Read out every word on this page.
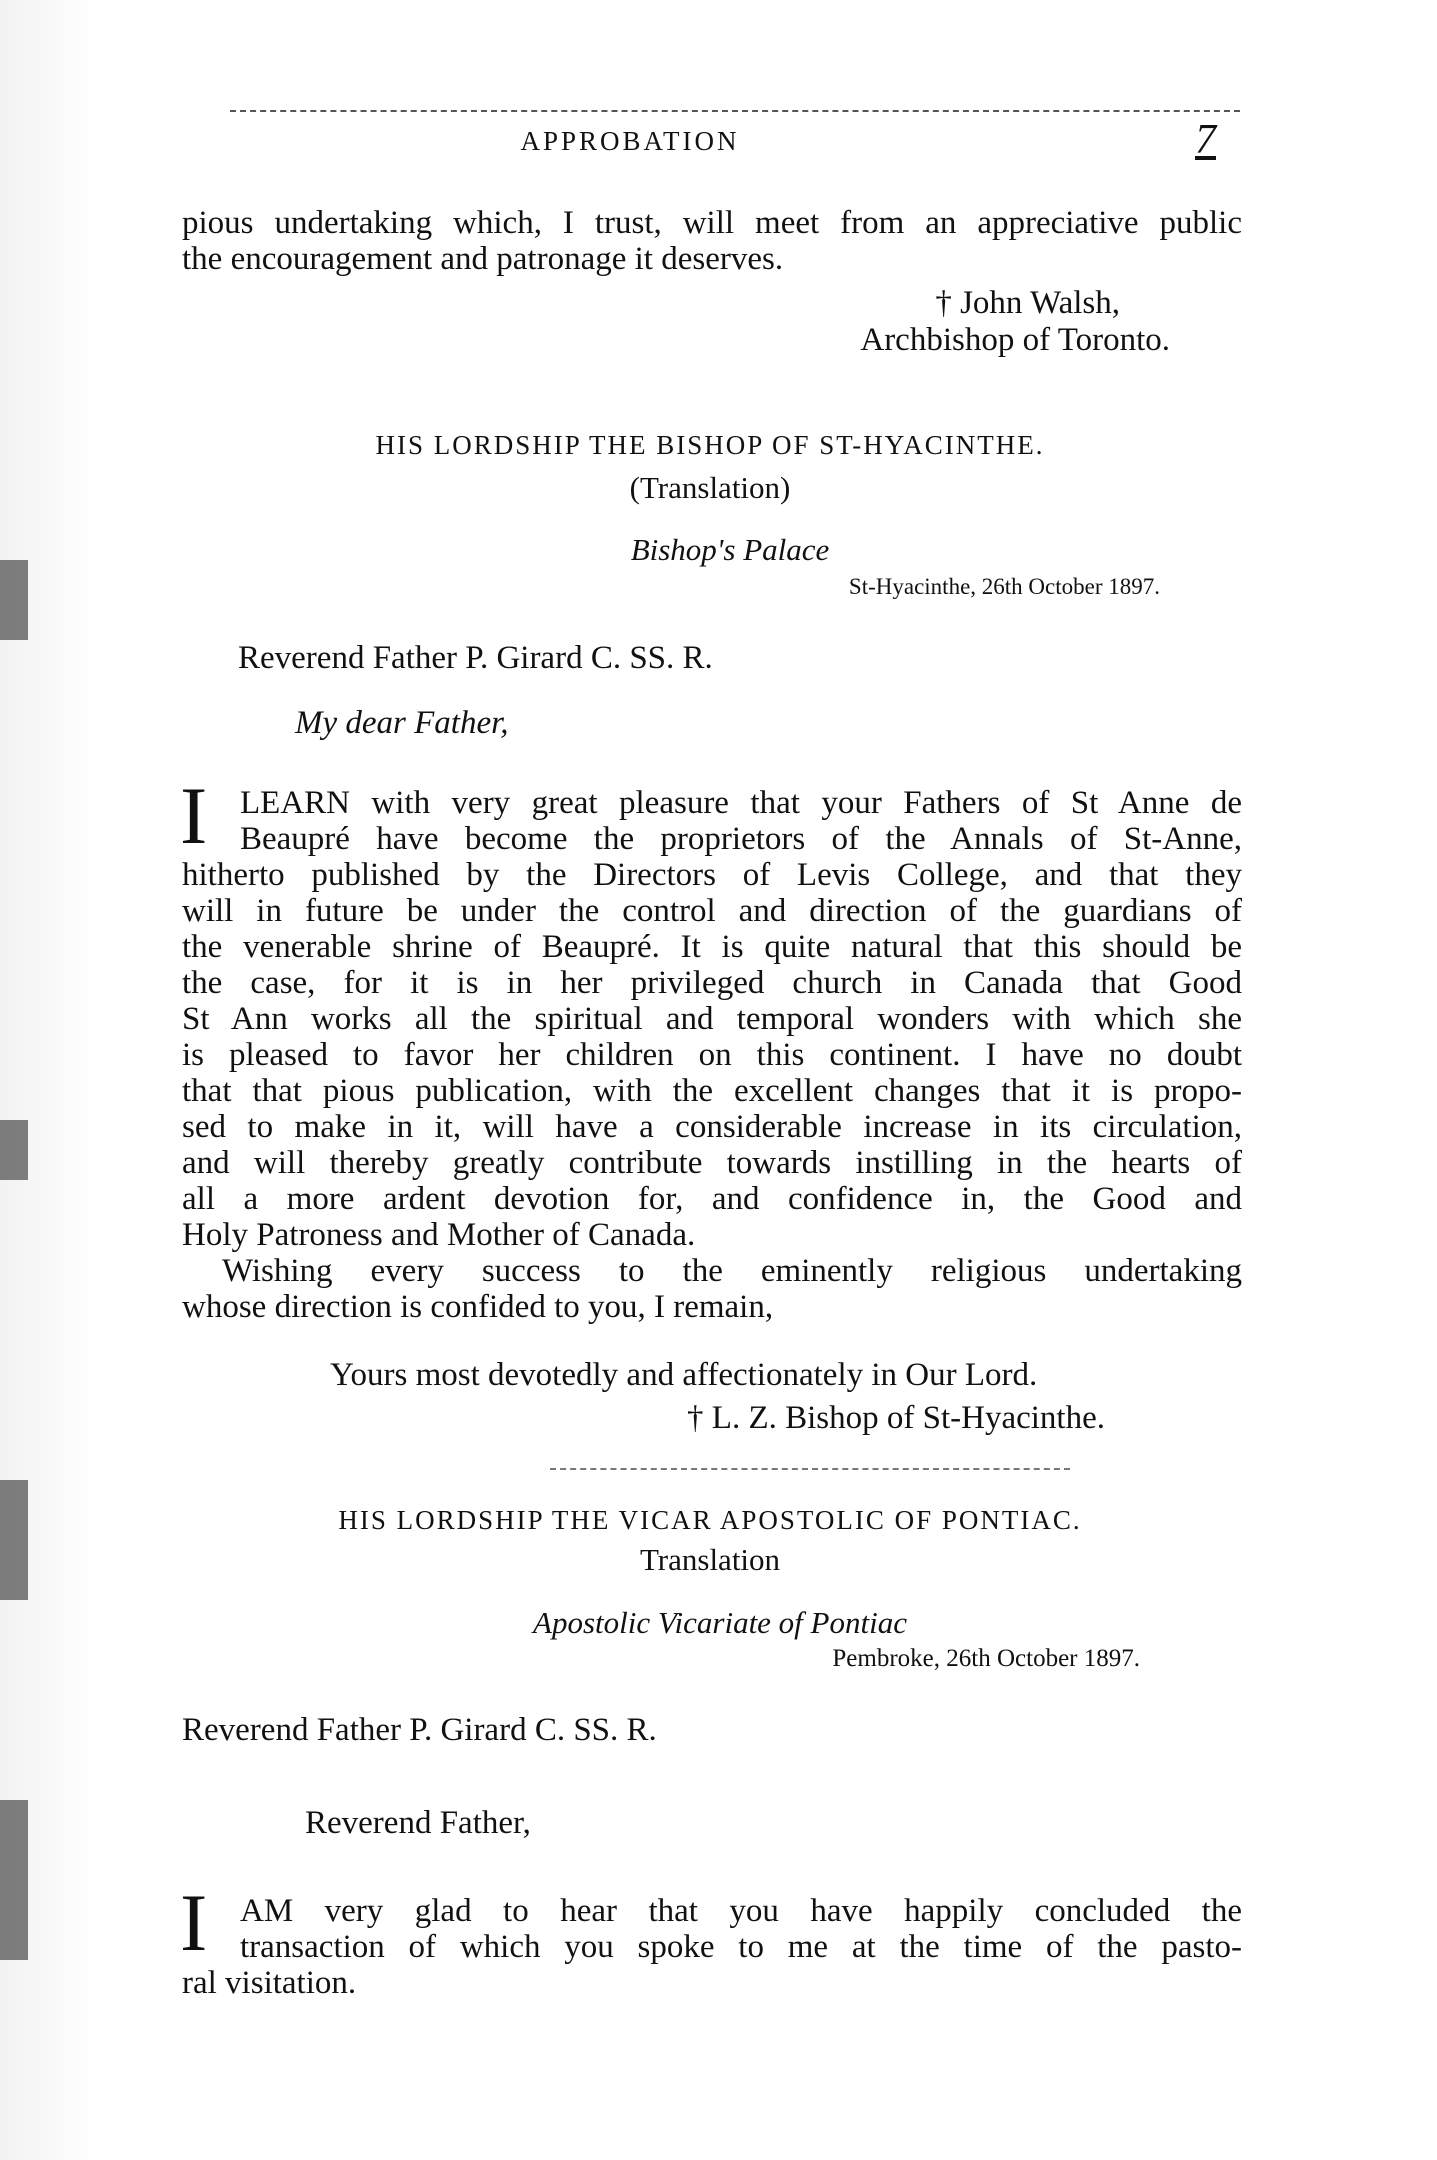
APPROBATION	7
pious undertaking which, I trust, will meet from an appreciative public
the encouragement and patronage it deserves.
† John Walsh,
Archbishop of Toronto.
HIS LORDSHIP THE BISHOP OF ST-HYACINTHE.
(Translation)
Bishop's Palace
St-Hyacinthe, 26th October 1897.
Reverend Father P. Girard C. SS. R.
My dear Father,
I LEARN with very great pleasure that your Fathers of St Anne de
Beaupré have become the proprietors of the Annals of St-Anne,
hitherto published by the Directors of Levis College, and that they
will in future be under the control and direction of the guardians of
the venerable shrine of Beaupré. It is quite natural that this should be
the case, for it is in her privileged church in Canada that Good
St Ann works all the spiritual and temporal wonders with which she
is pleased to favor her children on this continent. I have no doubt
that that pious publication, with the excellent changes that it is propo-
sed to make in it, will have a considerable increase in its circulation,
and will thereby greatly contribute towards instilling in the hearts of
all a more ardent devotion for, and confidence in, the Good and
Holy Patroness and Mother of Canada.
Wishing every success to the eminently religious undertaking
whose direction is confided to you, I remain,
Yours most devotedly and affectionately in Our Lord.
† L. Z. Bishop of St-Hyacinthe.
HIS LORDSHIP THE VICAR APOSTOLIC OF PONTIAC.
Translation
Apostolic Vicariate of Pontiac
Pembroke, 26th October 1897.
Reverend Father P. Girard C. SS. R.
Reverend Father,
I AM very glad to hear that you have happily concluded the
transaction of which you spoke to me at the time of the pasto-
ral visitation.
